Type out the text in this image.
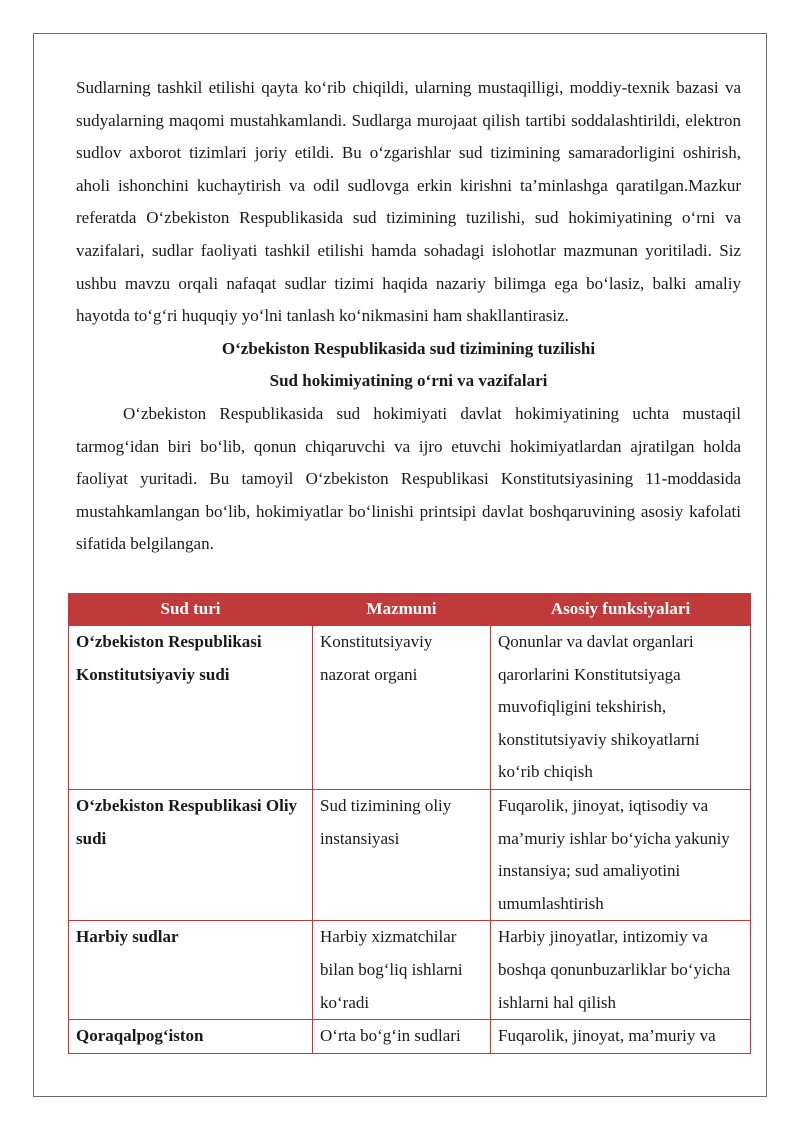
Sudlarning tashkil etilishi qayta ko‘rib chiqildi, ularning mustaqilligi, moddiy-texnik bazasi va sudyalarning maqomi mustahkamlandi. Sudlarga murojaat qilish tartibi soddalashtirildi, elektron sudlov axborot tizimlari joriy etildi. Bu o‘zgarishlar sud tizimining samaradorligini oshirish, aholi ishonchini kuchaytirish va odil sudlovga erkin kirishni ta’minlashga qaratilgan.Mazkur referatda O‘zbekiston Respublikasida sud tizimining tuzilishi, sud hokimiyatining o‘rni va vazifalari, sudlar faoliyati tashkil etilishi hamda sohadagi islohotlar mazmunan yoritiladi. Siz ushbu mavzu orqali nafaqat sudlar tizimi haqida nazariy bilimga ega bo‘lasiz, balki amaliy hayotda to‘g‘ri huquqiy yo‘lni tanlash ko‘nikmasini ham shakllantirasiz.

O‘zbekiston Respublikasida sud tizimining tuzilishi

Sud hokimiyatining o‘rni va vazifalari

O‘zbekiston Respublikasida sud hokimiyati davlat hokimiyatining uchta mustaqil tarmog‘idan biri bo‘lib, qonun chiqaruvchi va ijro etuvchi hokimiyatlardan ajratilgan holda faoliyat yuritadi. Bu tamoyil O‘zbekiston Respublikasi Konstitutsiyasining 11-moddasida mustahkamlangan bo‘lib, hokimiyatlar bo‘linishi printsipi davlat boshqaruvining asosiy kafolati sifatida belgilangan.

Sud turi	Mazmuni	Asosiy funksiyalari
O‘zbekiston Respublikasi Konstitutsiyaviy sudi	Konstitutsiyaviy nazorat organi	Qonunlar va davlat organlari qarorlarini Konstitutsiyaga muvofiqligini tekshirish, konstitutsiyaviy shikoyatlarni ko‘rib chiqish
O‘zbekiston Respublikasi Oliy sudi	Sud tizimining oliy instansiyasi	Fuqarolik, jinoyat, iqtisodiy va ma’muriy ishlar bo‘yicha yakuniy instansiya; sud amaliyotini umumlashtirish
Harbiy sudlar	Harbiy xizmatchilar bilan bog‘liq ishlarni ko‘radi	Harbiy jinoyatlar, intizomiy va boshqa qonunbuzarliklar bo‘yicha ishlarni hal qilish
Qoraqalpog‘iston	O‘rta bo‘g‘in sudlari	Fuqarolik, jinoyat, ma’muriy va
